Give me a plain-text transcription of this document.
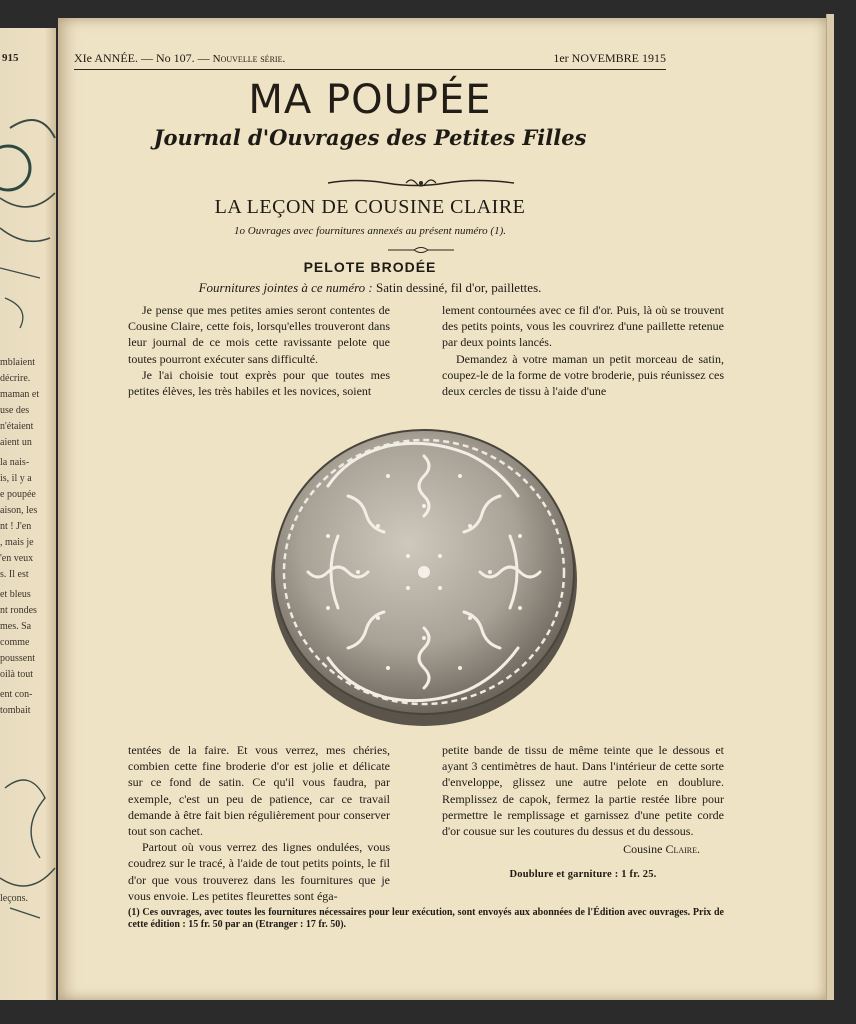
915
mblaient
décrire.
maman et
use des
n'étaient
aient un
la nais-
is, il y a
e poupée
aison, les
nt ! J'en
, mais je
'en veux
s. Il est
et bleus
nt rondes
mes. Sa
comme
poussent
oilà tout
ent con-
tombait
leçons.
XIe ANNÉE. — No 107. — Nouvelle série.	1er NOVEMBRE 1915
MA POUPÉE
Journal d'Ouvrages des Petites Filles
LA LEÇON DE COUSINE CLAIRE
1o Ouvrages avec fournitures annexés au présent numéro (1).
PELOTE BRODÉE
Fournitures jointes à ce numéro : Satin dessiné, fil d'or, paillettes.

Je pense que mes petites amies seront contentes de Cousine Claire, cette fois, lorsqu'elles trouveront dans leur journal de ce mois cette ravissante pelote que toutes pourront exécuter sans difficulté.

Je l'ai choisie tout exprès pour que toutes mes petites élèves, les très habiles et les novices, soient

lement contournées avec ce fil d'or. Puis, là où se trouvent des petits points, vous les couvrirez d'une paillette retenue par deux points lancés.

Demandez à votre maman un petit morceau de satin, coupez-le de la forme de votre broderie, puis réunissez ces deux cercles de tissu à l'aide d'une

tentées de la faire. Et vous verrez, mes chéries, combien cette fine broderie d'or est jolie et délicate sur ce fond de satin. Ce qu'il vous faudra, par exemple, c'est un peu de patience, car ce travail demande à être fait bien régulièrement pour conserver tout son cachet.

Partout où vous verrez des lignes ondulées, vous coudrez sur le tracé, à l'aide de tout petits points, le fil d'or que vous trouverez dans les fournitures que je vous envoie. Les petites fleurettes sont éga-

petite bande de tissu de même teinte que le dessous et ayant 3 centimètres de haut. Dans l'intérieur de cette sorte d'enveloppe, glissez une autre pelote en doublure. Remplissez de capok, fermez la partie restée libre pour permettre le remplissage et garnissez d'une petite corde d'or cousue sur les coutures du dessus et du dessous.

Cousine Claire.
Doublure et garniture : 1 fr. 25.
(1) Ces ouvrages, avec toutes les fournitures nécessaires pour leur exécution, sont envoyés aux abonnées de l'Édition avec ouvrages. Prix de cette édition : 15 fr. 50 par an (Etranger : 17 fr. 50).
